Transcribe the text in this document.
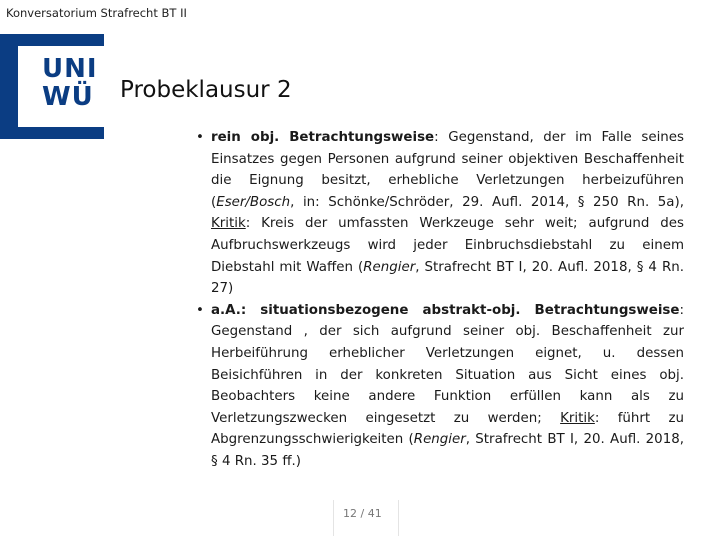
Konversatorium Strafrecht BT II
UNI
WÜ Probeklausur 2
• rein obj. Betrachtungsweise: Gegenstand, der im Falle seines Einsatzes gegen Personen aufgrund seiner objektiven Beschaffenheit die Eignung besitzt, erhebliche Verletzungen herbeizuführen (Eser/Bosch, in: Schönke/Schröder, 29. Aufl. 2014, § 250 Rn. 5a), Kritik: Kreis der umfassten Werkzeuge sehr weit; aufgrund des Aufbruchswerkzeugs wird jeder Einbruchsdiebstahl zu einem Diebstahl mit Waffen (Rengier, Strafrecht BT I, 20. Aufl. 2018, § 4 Rn. 27)
• a.A.: situationsbezogene abstrakt-obj. Betrachtungsweise: Gegenstand , der sich aufgrund seiner obj. Beschaffenheit zur Herbeiführung erheblicher Verletzungen eignet, u. dessen Beisichführen in der konkreten Situation aus Sicht eines obj. Beobachters keine andere Funktion erfüllen kann als zu Verletzungszwecken eingesetzt zu werden; Kritik: führt zu Abgrenzungsschwierigkeiten (Rengier, Strafrecht BT I, 20. Aufl. 2018, § 4 Rn. 35 ff.)
12 / 41
